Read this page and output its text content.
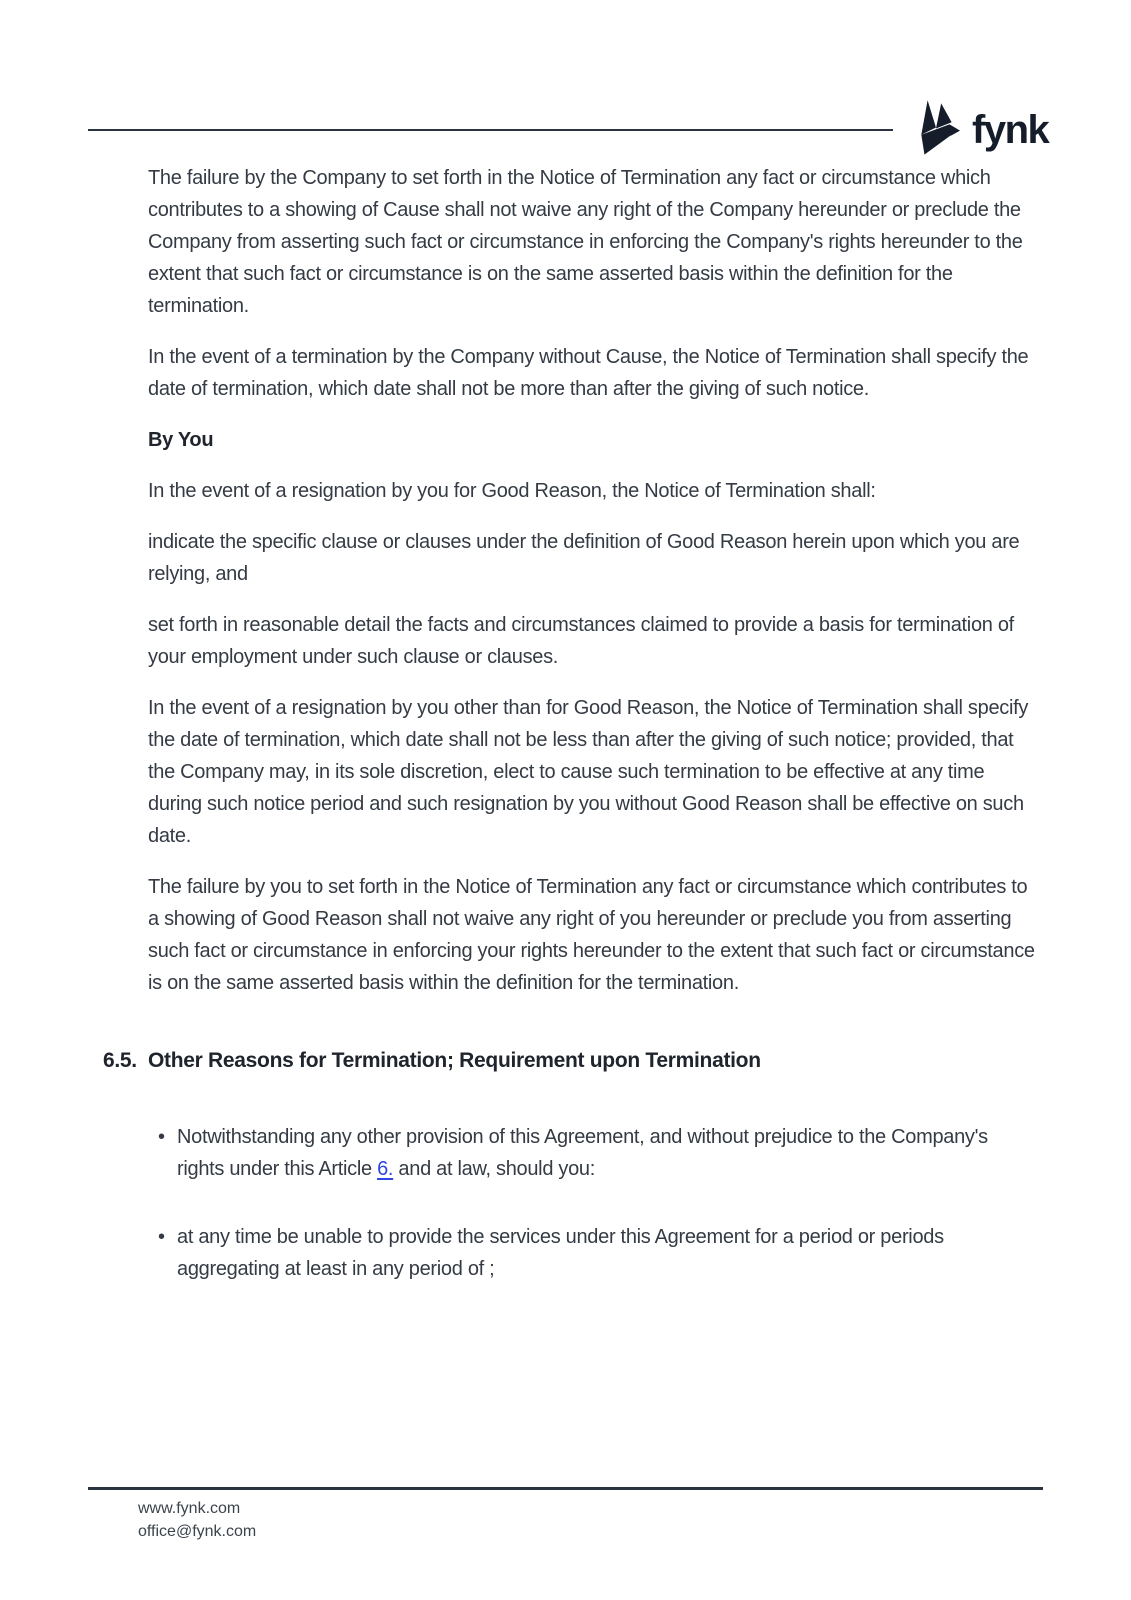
fynk

The failure by the Company to set forth in the Notice of Termination any fact or circumstance which contributes to a showing of Cause shall not waive any right of the Company hereunder or preclude the Company from asserting such fact or circumstance in enforcing the Company's rights hereunder to the extent that such fact or circumstance is on the same asserted basis within the definition for the termination.

In the event of a termination by the Company without Cause, the Notice of Termination shall specify the date of termination, which date shall not be more than after the giving of such notice.

By You

In the event of a resignation by you for Good Reason, the Notice of Termination shall:

indicate the specific clause or clauses under the definition of Good Reason herein upon which you are relying, and

set forth in reasonable detail the facts and circumstances claimed to provide a basis for termination of your employment under such clause or clauses.

In the event of a resignation by you other than for Good Reason, the Notice of Termination shall specify the date of termination, which date shall not be less than after the giving of such notice; provided, that the Company may, in its sole discretion, elect to cause such termination to be effective at any time during such notice period and such resignation by you without Good Reason shall be effective on such date.

The failure by you to set forth in the Notice of Termination any fact or circumstance which contributes to a showing of Good Reason shall not waive any right of you hereunder or preclude you from asserting such fact or circumstance in enforcing your rights hereunder to the extent that such fact or circumstance is on the same asserted basis within the definition for the termination.

6.5. Other Reasons for Termination; Requirement upon Termination
• Notwithstanding any other provision of this Agreement, and without prejudice to the Company's rights under this Article 6. and at law, should you:
• at any time be unable to provide the services under this Agreement for a period or periods aggregating at least in any period of ;
www.fynk.com
office@fynk.com
